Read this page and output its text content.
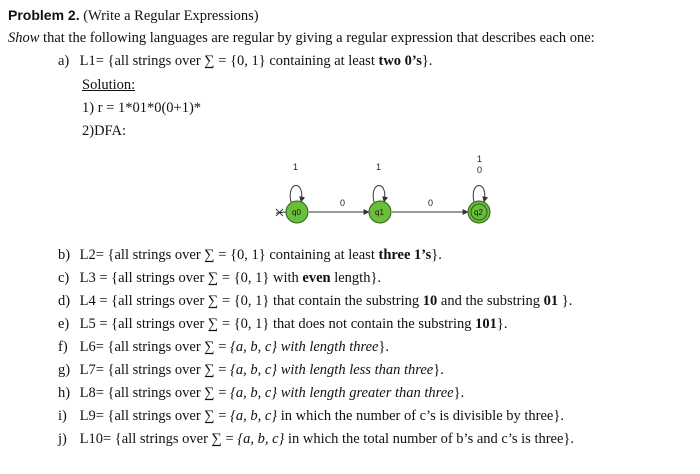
Problem 2. (Write a Regular Expressions)
Show that the following languages are regular by giving a regular expression that describes each one:
a) L1= {all strings over ∑ = {0, 1} containing at least two 0’s}.
Solution:
1) r = 1*01*0(0+1)*
2)DFA:
1	1
1
0
0	0
q0	q1	q2
b) L2= {all strings over ∑ = {0, 1} containing at least three 1’s}.
c) L3 = {all strings over ∑ = {0, 1} with even length}.
d) L4 = {all strings over ∑ = {0, 1} that contain the substring 10 and the substring 01 }.
e) L5 = {all strings over ∑ = {0, 1} that does not contain the substring 101}.
f) L6= {all strings over ∑ = {a, b, c} with length three}.
g) L7= {all strings over ∑ = {a, b, c} with length less than three}.
h) L8= {all strings over ∑ = {a, b, c} with length greater than three}.
i) L9= {all strings over ∑ = {a, b, c} in which the number of c’s is divisible by three}.
j) L10= {all strings over ∑ = {a, b, c} in which the total number of b’s and c’s is three}.
